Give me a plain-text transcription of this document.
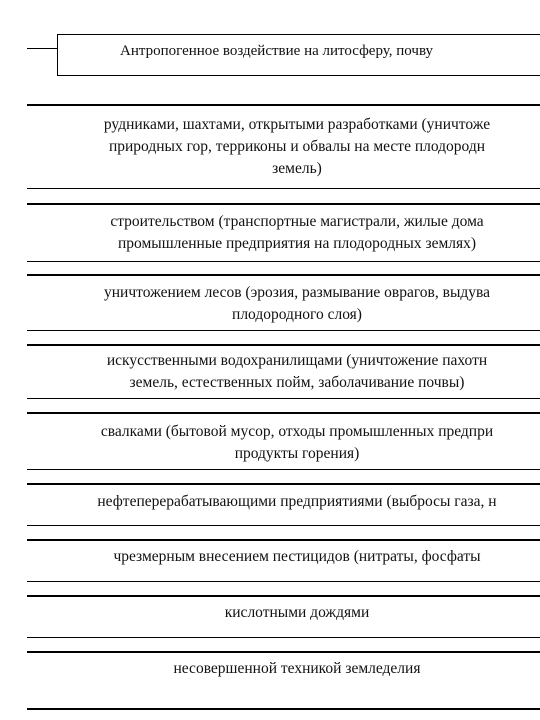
Антропогенное воздействие на литосферу, почву
рудниками, шахтами, открытыми разработками (уничтоже
природных гор, терриконы и обвалы на месте плодородн
земель)
строительством (транспортные магистрали, жилые дома
промышленные предприятия на плодородных землях)
уничтожением лесов (эрозия, размывание оврагов, выдува
плодородного слоя)
искусственными водохранилищами (уничтожение пахотн
земель, естественных пойм, заболачивание почвы)
свалками (бытовой мусор, отходы промышленных предпри
продукты горения)
нефтеперерабатывающими предприятиями (выбросы газа, н
чрезмерным внесением пестицидов (нитраты, фосфаты
кислотными дождями
несовершенной техникой земледелия
